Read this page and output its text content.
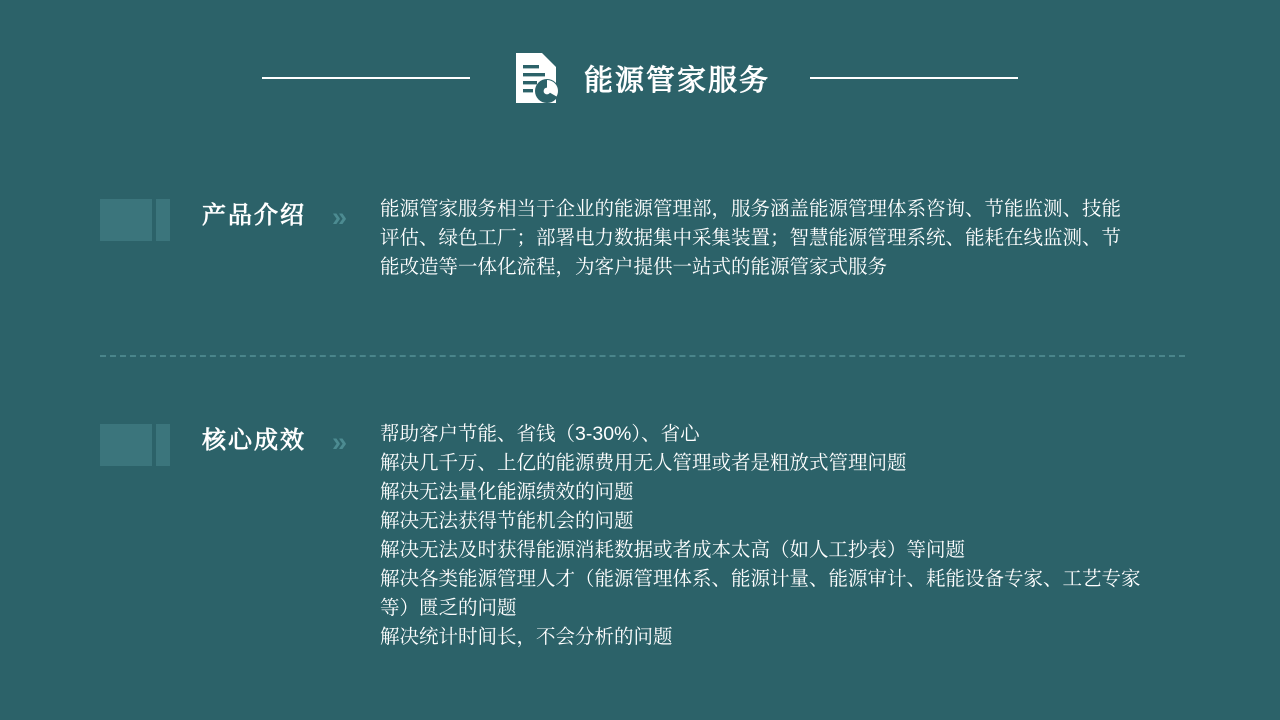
能源管家服务
产品介绍 » 能源管家服务相当于企业的能源管理部，服务涵盖能源管理体系咨询、节能监测、技能评估、绿色工厂；部署电力数据集中采集装置；智慧能源管理系统、能耗在线监测、节能改造等一体化流程，为客户提供一站式的能源管家式服务

核心成效 » 帮助客户节能、省钱（3-30%）、省心

解决几千万、上亿的能源费用无人管理或者是粗放式管理问题

解决无法量化能源绩效的问题

解决无法获得节能机会的问题

解决无法及时获得能源消耗数据或者成本太高（如人工抄表）等问题

解决各类能源管理人才（能源管理体系、能源计量、能源审计、耗能设备专家、工艺专家等）匮乏的问题

解决统计时间长，不会分析的问题
